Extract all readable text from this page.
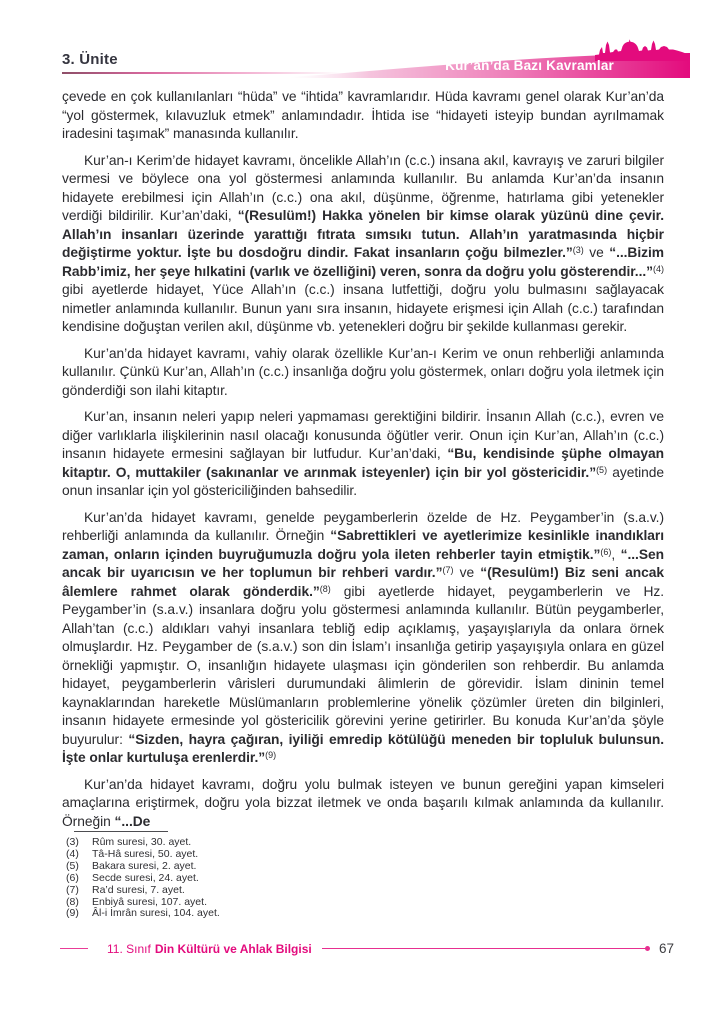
3. Ünite	Kur’an’da Bazı Kavramlar

çevede en çok kullanılanları “hüda” ve “ihtida” kavramlarıdır. Hüda kavramı genel olarak Kur’an’da “yol göstermek, kılavuzluk etmek” anlamındadır. İhtida ise “hidayeti isteyip bundan ayrılmamak iradesini taşımak” manasında kullanılır.

Kur’an-ı Kerim’de hidayet kavramı, öncelikle Allah’ın (c.c.) insana akıl, kavrayış ve zaruri bilgiler vermesi ve böylece ona yol göstermesi anlamında kullanılır. Bu anlamda Kur’an’da insanın hidayete erebilmesi için Allah’ın (c.c.) ona akıl, düşünme, öğrenme, hatırlama gibi yetenekler verdiği bildirilir. Kur’an’daki, “(Resulüm!) Hakka yönelen bir kimse olarak yüzünü dine çevir. Allah’ın insanları üzerinde yarattığı fıtrata sımsıkı tutun. Allah’ın yaratmasında hiçbir değiştirme yoktur. İşte bu dosdoğru dindir. Fakat insanların çoğu bilmezler.”$^{(3)}$ ve “...Bizim Rabb’imiz, her şeye hılkatini (varlık ve özelliğini) veren, sonra da doğru yolu gösterendir...”$^{(4)}$ gibi ayetlerde hidayet, Yüce Allah’ın (c.c.) insana lutfettiği, doğru yolu bulmasını sağlayacak nimetler anlamında kullanılır. Bunun yanı sıra insanın, hidayete erişmesi için Allah (c.c.) tarafından kendisine doğuştan verilen akıl, düşünme vb. yetenekleri doğru bir şekilde kullanması gerekir.

Kur’an’da hidayet kavramı, vahiy olarak özellikle Kur’an-ı Kerim ve onun rehberliği anlamında kullanılır. Çünkü Kur’an, Allah’ın (c.c.) insanlığa doğru yolu göstermek, onları doğru yola iletmek için gönderdiği son ilahi kitaptır.

Kur’an, insanın neleri yapıp neleri yapmaması gerektiğini bildirir. İnsanın Allah (c.c.), evren ve diğer varlıklarla ilişkilerinin nasıl olacağı konusunda öğütler verir. Onun için Kur’an, Allah’ın (c.c.) insanın hidayete ermesini sağlayan bir lutfudur. Kur’an’daki, “Bu, kendisinde şüphe olmayan kitaptır. O, muttakiler (sakınanlar ve arınmak isteyenler) için bir yol göstericidir.”$^{(5)}$ ayetinde onun insanlar için yol göstericiliğinden bahsedilir.

Kur’an’da hidayet kavramı, genelde peygamberlerin özelde de Hz. Peygamber’in (s.a.v.) rehberliği anlamında da kullanılır. Örneğin “Sabrettikleri ve ayetlerimize kesinlikle inandıkları zaman, onların içinden buyruğumuzla doğru yola ileten rehberler tayin etmiştik.”$^{(6)}$, “...Sen ancak bir uyarıcısın ve her toplumun bir rehberi vardır.”$^{(7)}$ ve “(Resulüm!) Biz seni ancak âlemlere rahmet olarak gönderdik.”$^{(8)}$ gibi ayetlerde hidayet, peygamberlerin ve Hz. Peygamber’in (s.a.v.) insanlara doğru yolu göstermesi anlamında kullanılır. Bütün peygamberler, Allah’tan (c.c.) aldıkları vahyi insanlara tebliğ edip açıklamış, yaşayışlarıyla da onlara örnek olmuşlardır. Hz. Peygamber de (s.a.v.) son din İslam’ı insanlığa getirip yaşayışıyla onlara en güzel örnekliği yapmıştır. O, insanlığın hidayete ulaşması için gönderilen son rehberdir. Bu anlamda hidayet, peygamberlerin vârisleri durumundaki âlimlerin de görevidir. İslam dininin temel kaynaklarından hareketle Müslümanların problemlerine yönelik çözümler üreten din bilginleri, insanın hidayete ermesinde yol göstericilik görevini yerine getirirler. Bu konuda Kur’an’da şöyle buyurulur: “Sizden, hayra çağıran, iyiliği emredip kötülüğü meneden bir topluluk bulunsun. İşte onlar kurtuluşa erenlerdir.”$^{(9)}$

Kur’an’da hidayet kavramı, doğru yolu bulmak isteyen ve bunun gereğini yapan kimseleri amaçlarına eriştirmek, doğru yola bizzat iletmek ve onda başarılı kılmak anlamında da kullanılır. Örneğin “...De

(3)	Rûm suresi, 30. ayet.
(4)	Tâ-Hâ suresi, 50. ayet.
(5)	Bakara suresi, 2. ayet.
(6)	Secde suresi, 24. ayet.
(7)	Ra’d suresi, 7. ayet.
(8)	Enbiyâ suresi, 107. ayet.
(9)	Âl-i İmrân suresi, 104. ayet.
11. Sınıf Din Kültürü ve Ahlak Bilgisi	67
